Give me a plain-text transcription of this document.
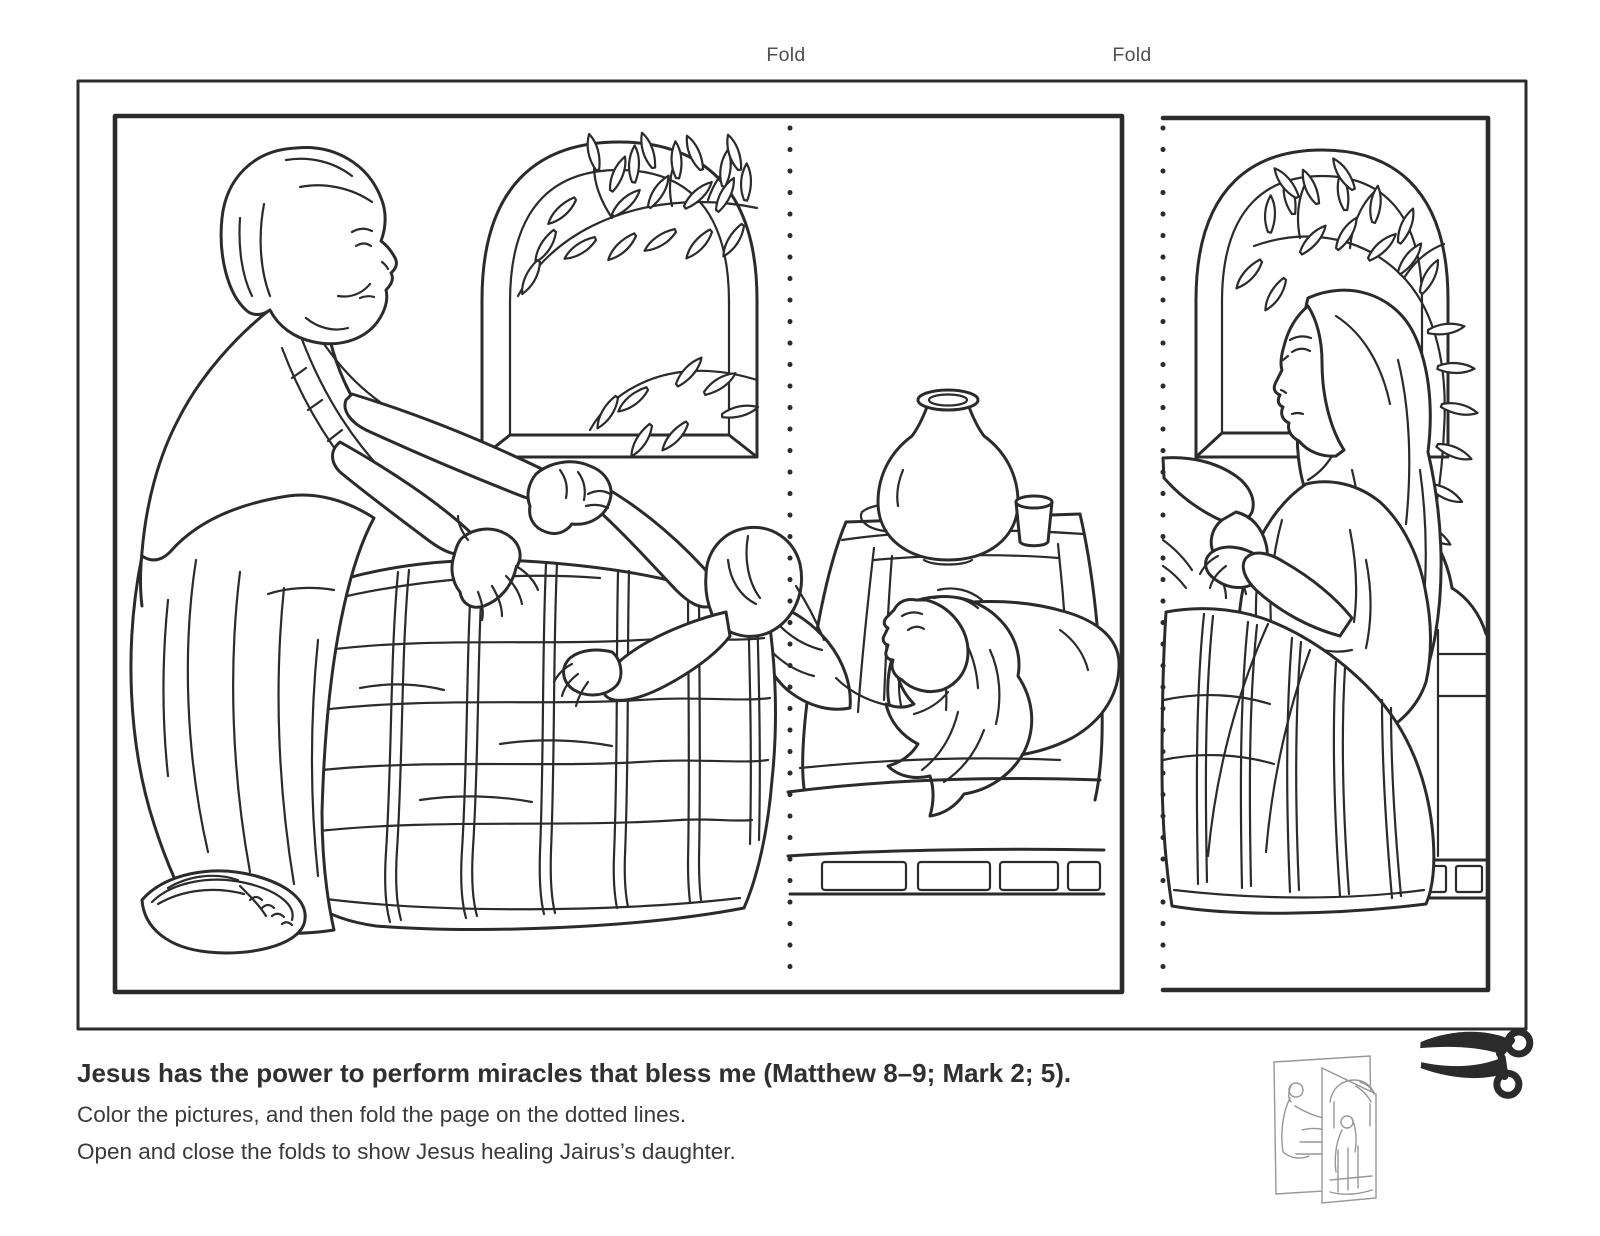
Fold	Fold
Jesus has the power to perform miracles that bless me (Matthew 8–9; Mark 2; 5).
Color the pictures, and then fold the page on the dotted lines.
Open and close the folds to show Jesus healing Jairus’s daughter.
